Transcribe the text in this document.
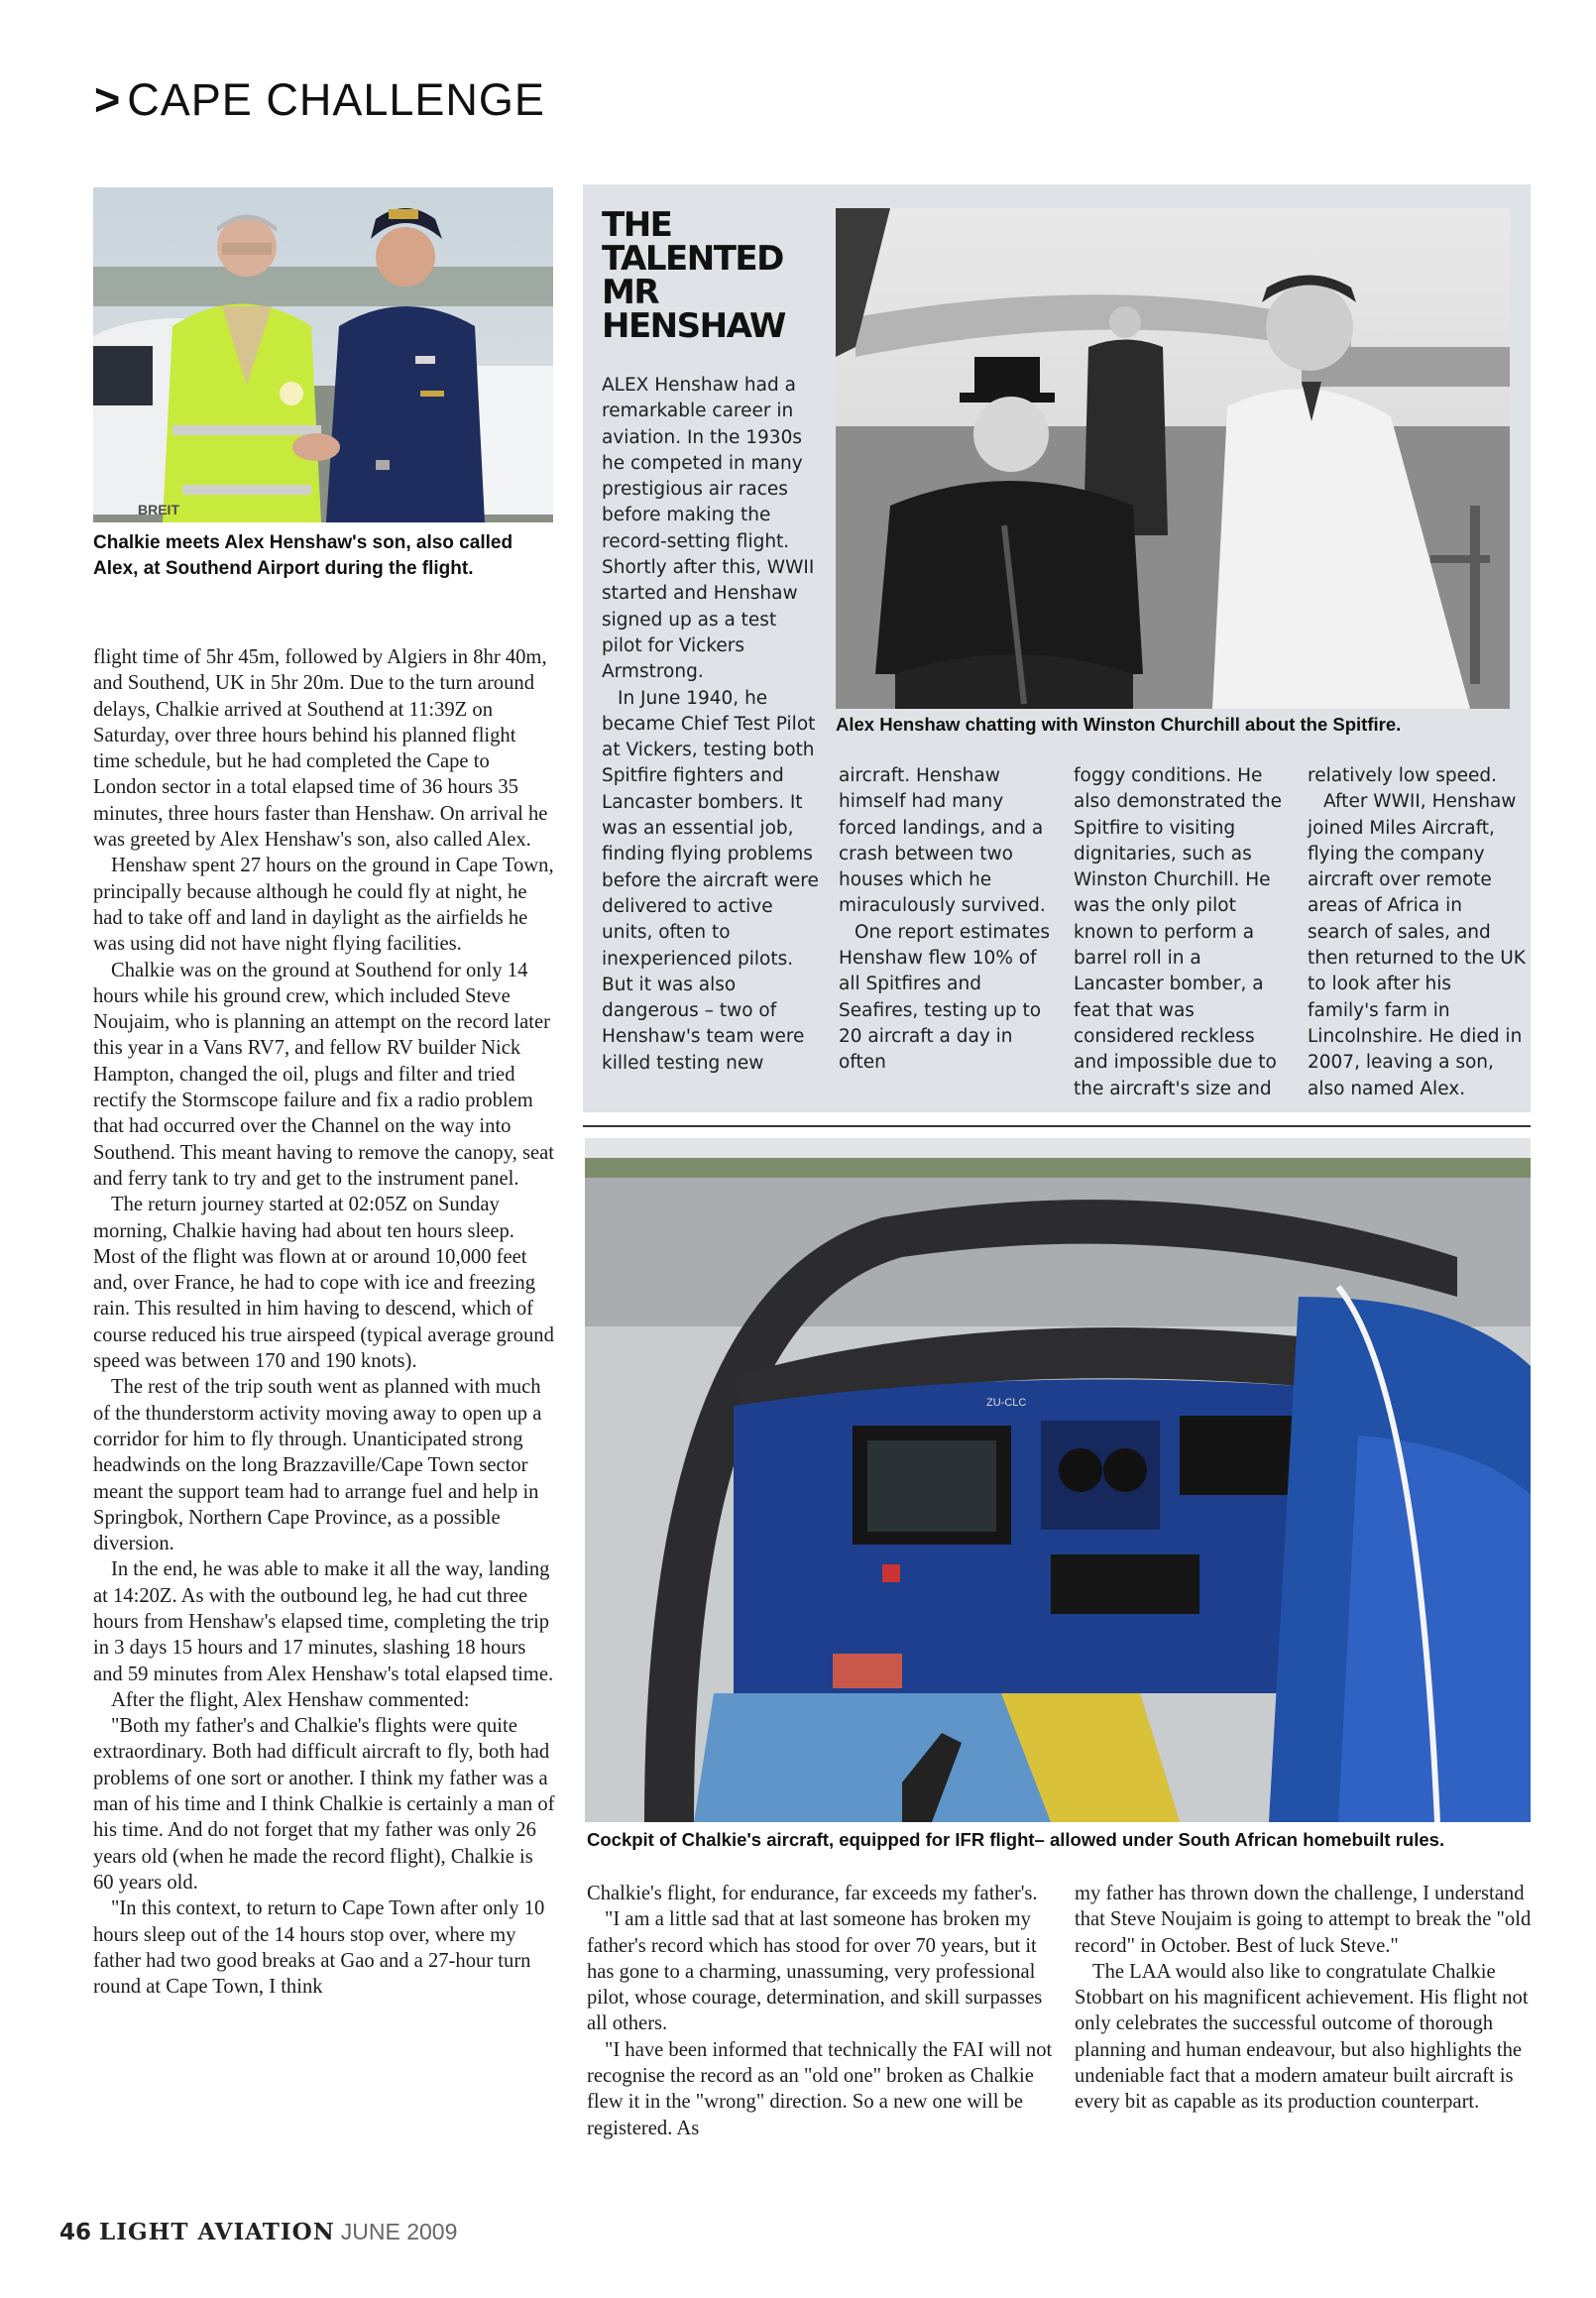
> CAPE CHALLENGE
BREIT
Chalkie meets Alex Henshaw's son, also called Alex, at Southend Airport during the flight.

flight time of 5hr 45m, followed by Algiers in 8hr 40m, and Southend, UK in 5hr 20m. Due to the turn around delays, Chalkie arrived at Southend at 11:39Z on Saturday, over three hours behind his planned flight time schedule, but he had completed the Cape to London sector in a total elapsed time of 36 hours 35 minutes, three hours faster than Henshaw. On arrival he was greeted by Alex Henshaw's son, also called Alex.

Henshaw spent 27 hours on the ground in Cape Town, principally because although he could fly at night, he had to take off and land in daylight as the airfields he was using did not have night flying facilities.

Chalkie was on the ground at Southend for only 14 hours while his ground crew, which included Steve Noujaim, who is planning an attempt on the record later this year in a Vans RV7, and fellow RV builder Nick Hampton, changed the oil, plugs and filter and tried rectify the Stormscope failure and fix a radio problem that had occurred over the Channel on the way into Southend. This meant having to remove the canopy, seat and ferry tank to try and get to the instrument panel.

The return journey started at 02:05Z on Sunday morning, Chalkie having had about ten hours sleep. Most of the flight was flown at or around 10,000 feet and, over France, he had to cope with ice and freezing rain. This resulted in him having to descend, which of course reduced his true airspeed (typical average ground speed was between 170 and 190 knots).

The rest of the trip south went as planned with much of the thunderstorm activity moving away to open up a corridor for him to fly through. Unanticipated strong headwinds on the long Brazzaville/Cape Town sector meant the support team had to arrange fuel and help in Springbok, Northern Cape Province, as a possible diversion.

In the end, he was able to make it all the way, landing at 14:20Z. As with the outbound leg, he had cut three hours from Henshaw's elapsed time, completing the trip in 3 days 15 hours and 17 minutes, slashing 18 hours and 59 minutes from Alex Henshaw's total elapsed time.

After the flight, Alex Henshaw commented:

"Both my father's and Chalkie's flights were quite extraordinary. Both had difficult aircraft to fly, both had problems of one sort or another. I think my father was a man of his time and I think Chalkie is certainly a man of his time. And do not forget that my father was only 26 years old (when he made the record flight), Chalkie is 60 years old.

"In this context, to return to Cape Town after only 10 hours sleep out of the 14 hours stop over, where my father had two good breaks at Gao and a 27-hour turn round at Cape Town, I think

THE TALENTED MR HENSHAW
Alex Henshaw chatting with Winston Churchill about the Spitfire.

ALEX Henshaw had a remarkable career in aviation. In the 1930s he competed in many prestigious air races before making the record-setting flight. Shortly after this, WWII started and Henshaw signed up as a test pilot for Vickers Armstrong.

In June 1940, he became Chief Test Pilot at Vickers, testing both Spitfire fighters and Lancaster bombers. It was an essential job, finding flying problems before the aircraft were delivered to active units, often to inexperienced pilots. But it was also dangerous – two of Henshaw's team were killed testing new

aircraft. Henshaw himself had many forced landings, and a crash between two houses which he miraculously survived.

One report estimates Henshaw flew 10% of all Spitfires and Seafires, testing up to 20 aircraft a day in often

foggy conditions. He also demonstrated the Spitfire to visiting dignitaries, such as Winston Churchill. He was the only pilot known to perform a barrel roll in a Lancaster bomber, a feat that was considered reckless and impossible due to the aircraft's size and

relatively low speed.

After WWII, Henshaw joined Miles Aircraft, flying the company aircraft over remote areas of Africa in search of sales, and then returned to the UK to look after his family's farm in Lincolnshire. He died in 2007, leaving a son, also named Alex.

ZU-CLC
Cockpit of Chalkie's aircraft, equipped for IFR flight– allowed under South African homebuilt rules.

Chalkie's flight, for endurance, far exceeds my father's.

"I am a little sad that at last someone has broken my father's record which has stood for over 70 years, but it has gone to a charming, unassuming, very professional pilot, whose courage, determination, and skill surpasses all others.

"I have been informed that technically the FAI will not recognise the record as an "old one" broken as Chalkie flew it in the "wrong" direction. So a new one will be registered. As

my father has thrown down the challenge, I understand that Steve Noujaim is going to attempt to break the "old record" in October. Best of luck Steve."

The LAA would also like to congratulate Chalkie Stobbart on his magnificent achievement. His flight not only celebrates the successful outcome of thorough planning and human endeavour, but also highlights the undeniable fact that a modern amateur built aircraft is every bit as capable as its production counterpart.

46 LIGHT AVIATION JUNE 2009
